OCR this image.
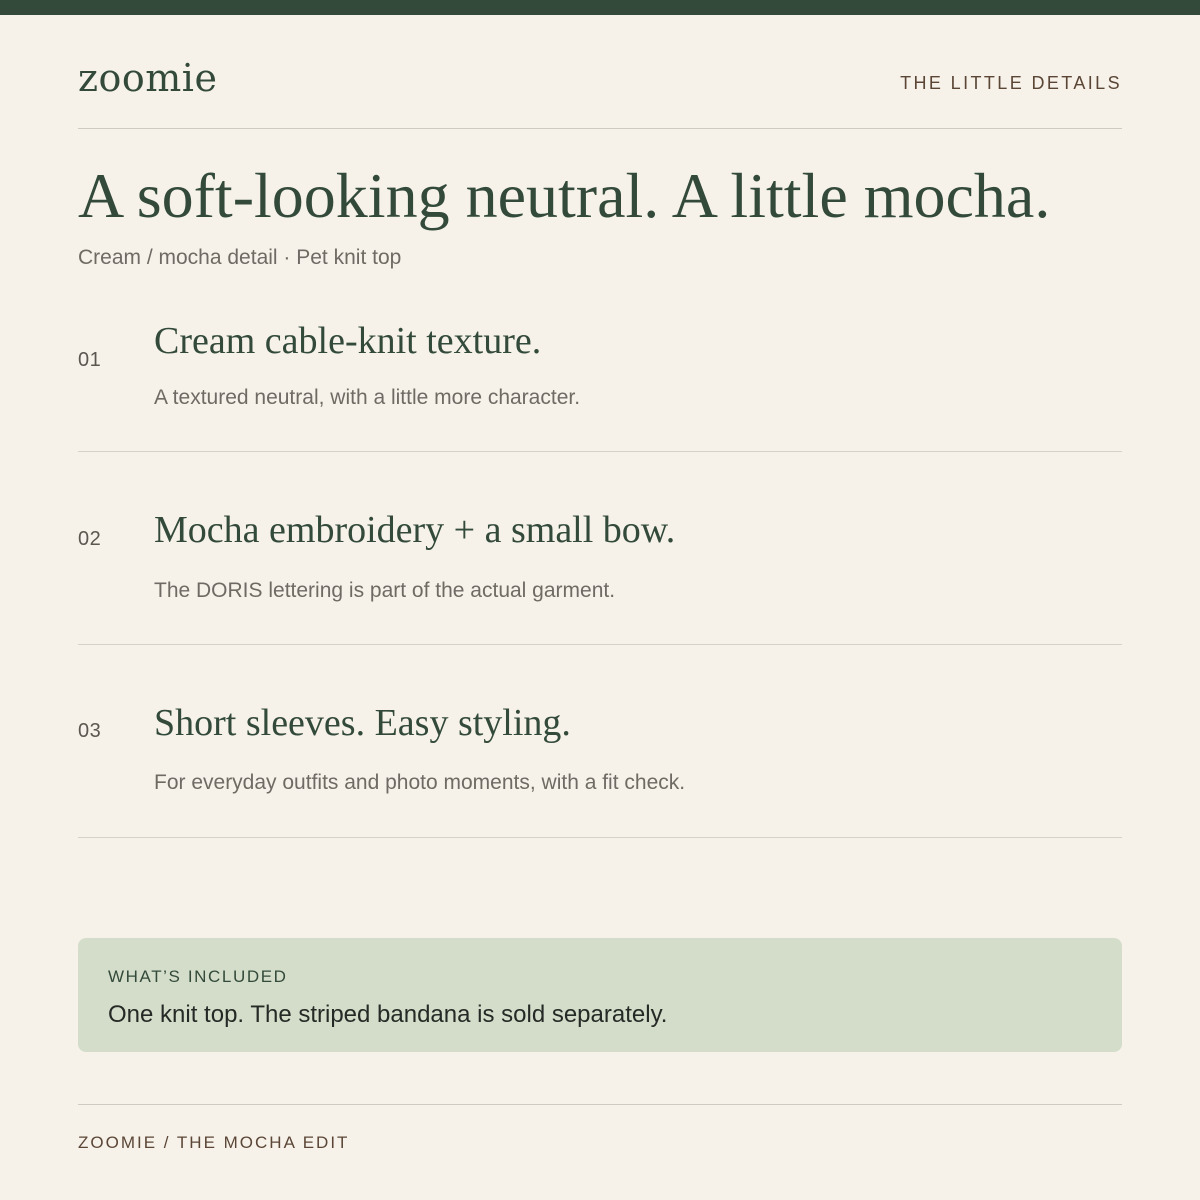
zoomie	THE LITTLE DETAILS
A soft-looking neutral. A little mocha.
Cream / mocha detail · Pet knit top
01 Cream cable-knit texture.
A textured neutral, with a little more character.
02 Mocha embroidery + a small bow.
The DORIS lettering is part of the actual garment.
03 Short sleeves. Easy styling.
For everyday outfits and photo moments, with a fit check.
WHAT’S INCLUDED
One knit top. The striped bandana is sold separately.
ZOOMIE / THE MOCHA EDIT
